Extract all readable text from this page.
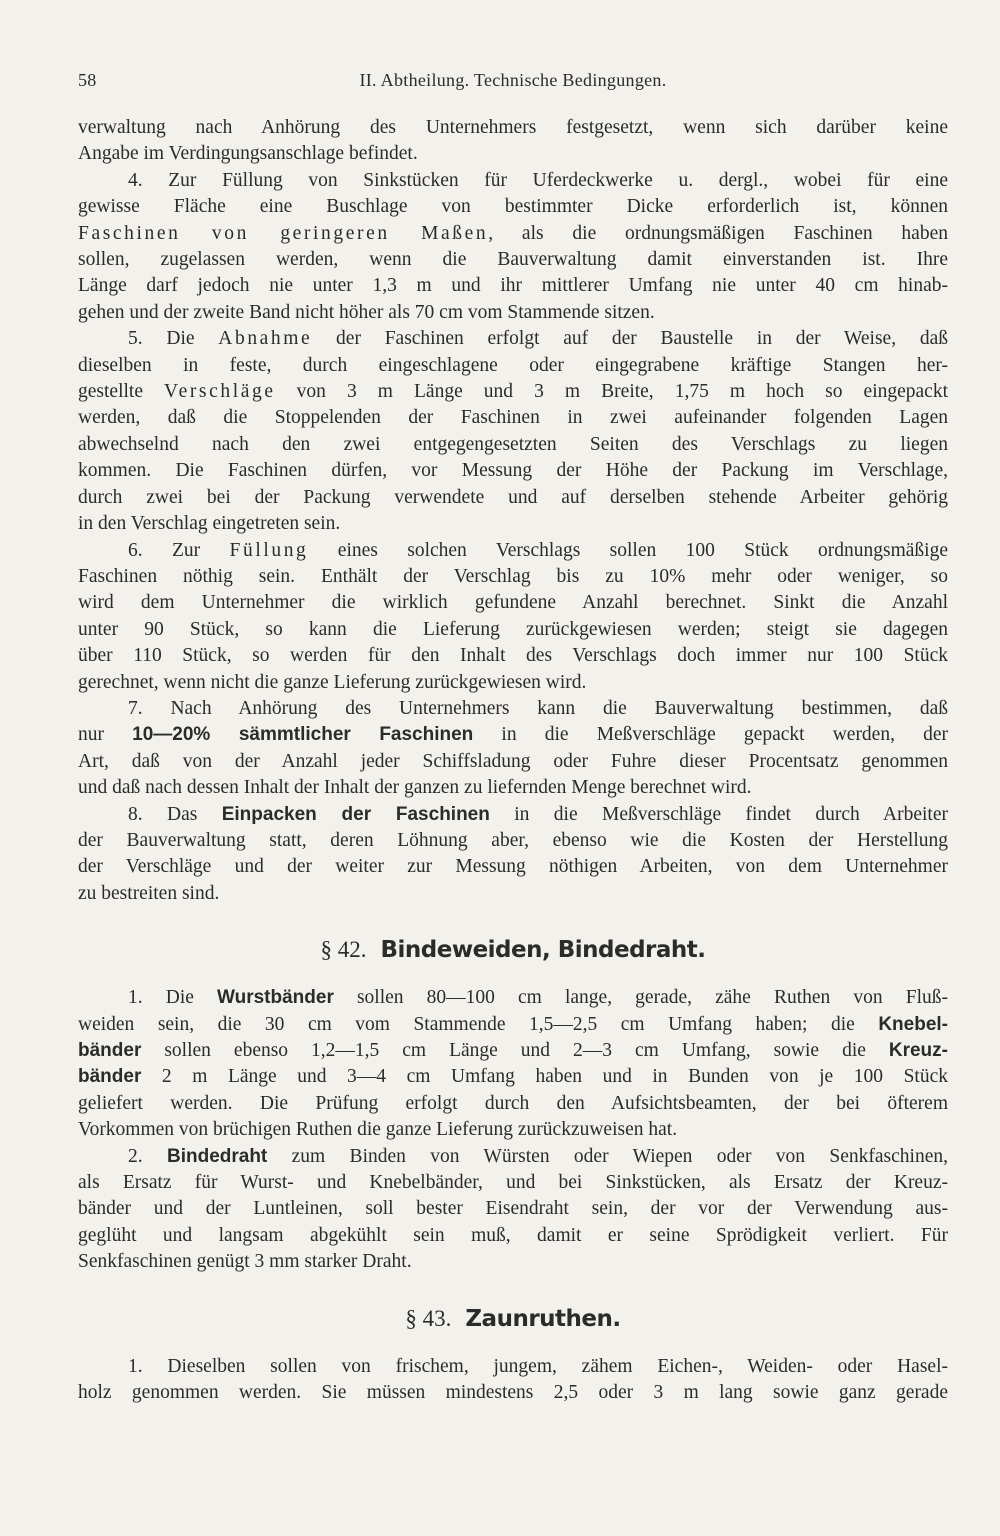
58	II. Abtheilung. Technische Bedingungen.

verwaltung nach Anhörung des Unternehmers festgesetzt, wenn sich darüber keine

Angabe im Verdingungsanschlage befindet.

4. Zur Füllung von Sinkstücken für Uferdeckwerke u. dergl., wobei für eine

gewisse Fläche eine Buschlage von bestimmter Dicke erforderlich ist, können

Faschinen von geringeren Maßen, als die ordnungsmäßigen Faschinen haben

sollen, zugelassen werden, wenn die Bauverwaltung damit einverstanden ist. Ihre

Länge darf jedoch nie unter 1,3 m und ihr mittlerer Umfang nie unter 40 cm hinab-

gehen und der zweite Band nicht höher als 70 cm vom Stammende sitzen.

5. Die Abnahme der Faschinen erfolgt auf der Baustelle in der Weise, daß

dieselben in feste, durch eingeschlagene oder eingegrabene kräftige Stangen her-

gestellte Verschläge von 3 m Länge und 3 m Breite, 1,75 m hoch so eingepackt

werden, daß die Stoppelenden der Faschinen in zwei aufeinander folgenden Lagen

abwechselnd nach den zwei entgegengesetzten Seiten des Verschlags zu liegen

kommen. Die Faschinen dürfen, vor Messung der Höhe der Packung im Verschlage,

durch zwei bei der Packung verwendete und auf derselben stehende Arbeiter gehörig

in den Verschlag eingetreten sein.

6. Zur Füllung eines solchen Verschlags sollen 100 Stück ordnungsmäßige

Faschinen nöthig sein. Enthält der Verschlag bis zu 10% mehr oder weniger, so

wird dem Unternehmer die wirklich gefundene Anzahl berechnet. Sinkt die Anzahl

unter 90 Stück, so kann die Lieferung zurückgewiesen werden; steigt sie dagegen

über 110 Stück, so werden für den Inhalt des Verschlags doch immer nur 100 Stück

gerechnet, wenn nicht die ganze Lieferung zurückgewiesen wird.

7. Nach Anhörung des Unternehmers kann die Bauverwaltung bestimmen, daß

nur 10—20% sämmtlicher Faschinen in die Meßverschläge gepackt werden, der

Art, daß von der Anzahl jeder Schiffsladung oder Fuhre dieser Procentsatz genommen

und daß nach dessen Inhalt der Inhalt der ganzen zu liefernden Menge berechnet wird.

8. Das Einpacken der Faschinen in die Meßverschläge findet durch Arbeiter

der Bauverwaltung statt, deren Löhnung aber, ebenso wie die Kosten der Herstellung

der Verschläge und der weiter zur Messung nöthigen Arbeiten, von dem Unternehmer

zu bestreiten sind.

§ 42. Bindeweiden, Bindedraht.

1. Die Wurstbänder sollen 80—100 cm lange, gerade, zähe Ruthen von Fluß-

weiden sein, die 30 cm vom Stammende 1,5—2,5 cm Umfang haben; die Knebel-

bänder sollen ebenso 1,2—1,5 cm Länge und 2—3 cm Umfang, sowie die Kreuz-

bänder 2 m Länge und 3—4 cm Umfang haben und in Bunden von je 100 Stück

geliefert werden. Die Prüfung erfolgt durch den Aufsichtsbeamten, der bei öfterem

Vorkommen von brüchigen Ruthen die ganze Lieferung zurückzuweisen hat.

2. Bindedraht zum Binden von Würsten oder Wiepen oder von Senkfaschinen,

als Ersatz für Wurst- und Knebelbänder, und bei Sinkstücken, als Ersatz der Kreuz-

bänder und der Luntleinen, soll bester Eisendraht sein, der vor der Verwendung aus-

geglüht und langsam abgekühlt sein muß, damit er seine Sprödigkeit verliert. Für

Senkfaschinen genügt 3 mm starker Draht.

§ 43. Zaunruthen.

1. Dieselben sollen von frischem, jungem, zähem Eichen-, Weiden- oder Hasel-

holz genommen werden. Sie müssen mindestens 2,5 oder 3 m lang sowie ganz gerade
